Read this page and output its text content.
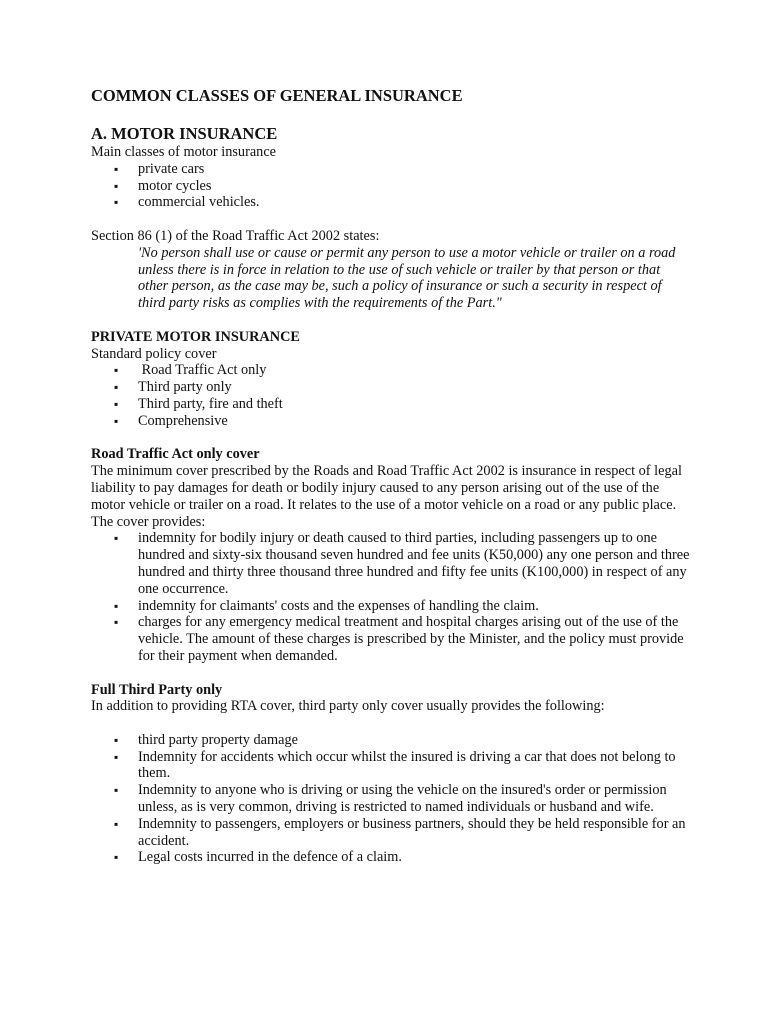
COMMON CLASSES OF GENERAL INSURANCE
A. MOTOR INSURANCE

Main classes of motor insurance

▪ private cars
▪ motor cycles
▪ commercial vehicles.

Section 86 (1) of the Road Traffic Act 2002 states:

'No person shall use or cause or permit any person to use a motor vehicle or trailer on a road unless there is in force in relation to the use of such vehicle or trailer by that person or that other person, as the case may be, such a policy of insurance or such a security in respect of third party risks as complies with the requirements of the Part."

PRIVATE MOTOR INSURANCE

Standard policy cover

▪  Road Traffic Act only
▪ Third party only
▪ Third party, fire and theft
▪ Comprehensive
Road Traffic Act only cover

The minimum cover prescribed by the Roads and Road Traffic Act 2002 is insurance in respect of legal liability to pay damages for death or bodily injury caused to any person arising out of the use of the motor vehicle or trailer on a road. It relates to the use of a motor vehicle on a road or any public place. The cover provides:

▪ indemnity for bodily injury or death caused to third parties, including passengers up to one hundred and sixty-six thousand seven hundred and fee units (K50,000) any one person and three hundred and thirty three thousand three hundred and fifty fee units (K100,000) in respect of any one occurrence.
▪ indemnity for claimants' costs and the expenses of handling the claim.
▪ charges for any emergency medical treatment and hospital charges arising out of the use of the vehicle. The amount of these charges is prescribed by the Minister, and the policy must provide for their payment when demanded.
Full Third Party only

In addition to providing RTA cover, third party only cover usually provides the following:

▪ third party property damage
▪ Indemnity for accidents which occur whilst the insured is driving a car that does not belong to them.
▪ Indemnity to anyone who is driving or using the vehicle on the insured's order or permission unless, as is very common, driving is restricted to named individuals or husband and wife.
▪ Indemnity to passengers, employers or business partners, should they be held responsible for an accident.
▪ Legal costs incurred in the defence of a claim.
